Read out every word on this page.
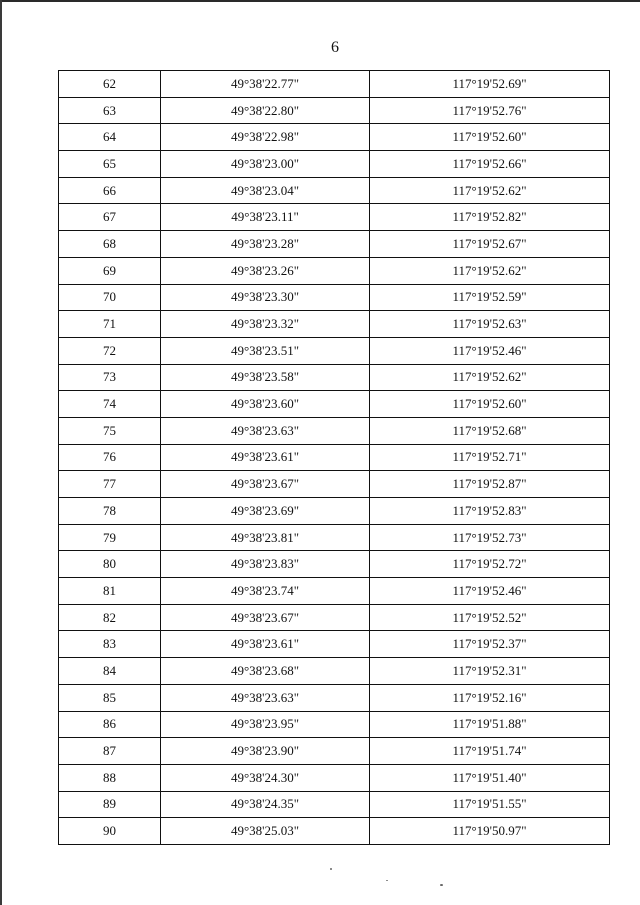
6
62	49°38'22.77"	117°19'52.69"
63	49°38'22.80"	117°19'52.76"
64	49°38'22.98"	117°19'52.60"
65	49°38'23.00"	117°19'52.66"
66	49°38'23.04"	117°19'52.62"
67	49°38'23.11"	117°19'52.82"
68	49°38'23.28"	117°19'52.67"
69	49°38'23.26"	117°19'52.62"
70	49°38'23.30"	117°19'52.59"
71	49°38'23.32"	117°19'52.63"
72	49°38'23.51"	117°19'52.46"
73	49°38'23.58"	117°19'52.62"
74	49°38'23.60"	117°19'52.60"
75	49°38'23.63"	117°19'52.68"
76	49°38'23.61"	117°19'52.71"
77	49°38'23.67"	117°19'52.87"
78	49°38'23.69"	117°19'52.83"
79	49°38'23.81"	117°19'52.73"
80	49°38'23.83"	117°19'52.72"
81	49°38'23.74"	117°19'52.46"
82	49°38'23.67"	117°19'52.52"
83	49°38'23.61"	117°19'52.37"
84	49°38'23.68"	117°19'52.31"
85	49°38'23.63"	117°19'52.16"
86	49°38'23.95"	117°19'51.88"
87	49°38'23.90"	117°19'51.74"
88	49°38'24.30"	117°19'51.40"
89	49°38'24.35"	117°19'51.55"
90	49°38'25.03"	117°19'50.97"
